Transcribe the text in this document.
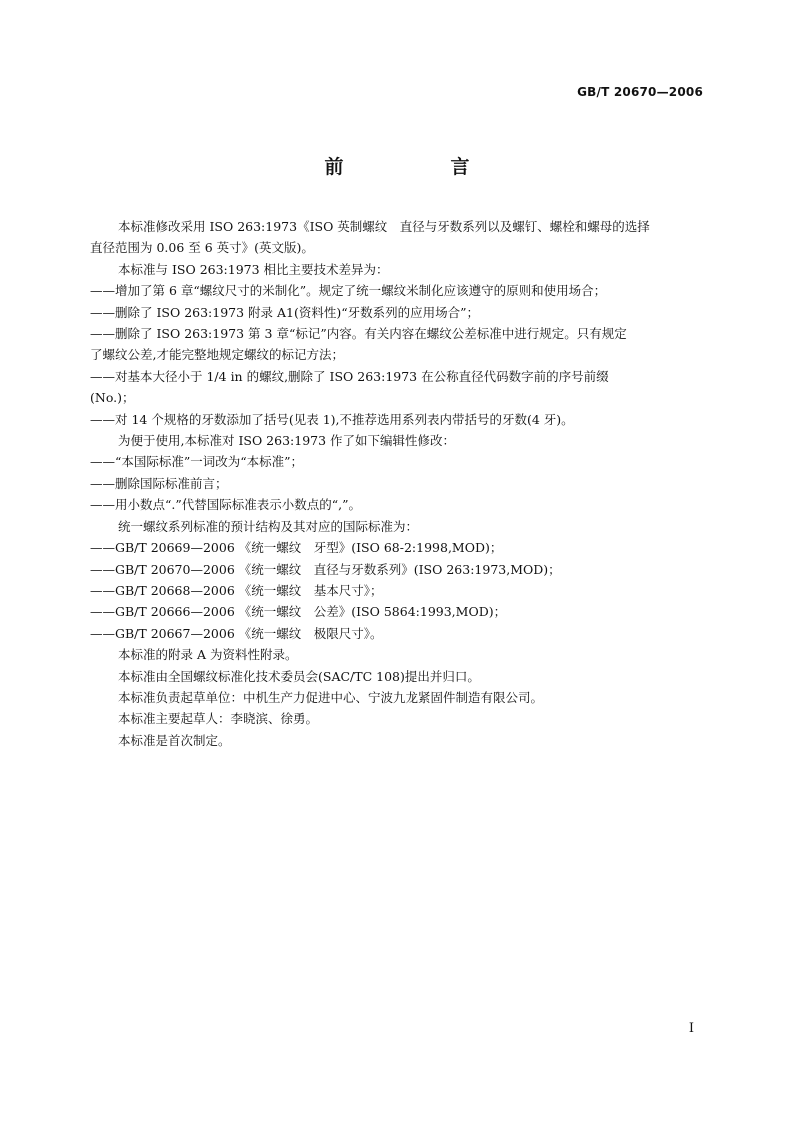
GB/T 20670—2006
前　言

本标准修改采用 ISO 263:1973《ISO 英制螺纹　直径与牙数系列以及螺钉、螺栓和螺母的选择

直径范围为 0.06 至 6 英寸》(英文版)。

本标准与 ISO 263:1973 相比主要技术差异为：

——增加了第 6 章“螺纹尺寸的米制化”。规定了统一螺纹米制化应该遵守的原则和使用场合；

——删除了 ISO 263:1973 附录 A1(资料性)“牙数系列的应用场合”；

——删除了 ISO 263:1973 第 3 章“标记”内容。有关内容在螺纹公差标准中进行规定。只有规定

了螺纹公差,才能完整地规定螺纹的标记方法；

——对基本大径小于 1/4 in 的螺纹,删除了 ISO 263:1973 在公称直径代码数字前的序号前缀

(No.)；

——对 14 个规格的牙数添加了括号(见表 1),不推荐选用系列表内带括号的牙数(4 牙)。

为便于使用,本标准对 ISO 263:1973 作了如下编辑性修改：

——“本国际标准”一词改为“本标准”；

——删除国际标准前言；

——用小数点“.”代替国际标准表示小数点的“,”。

统一螺纹系列标准的预计结构及其对应的国际标准为：

——GB/T 20669—2006 《统一螺纹　牙型》(ISO 68-2:1998,MOD)；

——GB/T 20670—2006 《统一螺纹　直径与牙数系列》(ISO 263:1973,MOD)；

——GB/T 20668—2006 《统一螺纹　基本尺寸》；

——GB/T 20666—2006 《统一螺纹　公差》(ISO 5864:1993,MOD)；

——GB/T 20667—2006 《统一螺纹　极限尺寸》。

本标准的附录 A 为资料性附录。

本标准由全国螺纹标准化技术委员会(SAC/TC 108)提出并归口。

本标准负责起草单位：中机生产力促进中心、宁波九龙紧固件制造有限公司。

本标准主要起草人：李晓滨、徐勇。

本标准是首次制定。

I
